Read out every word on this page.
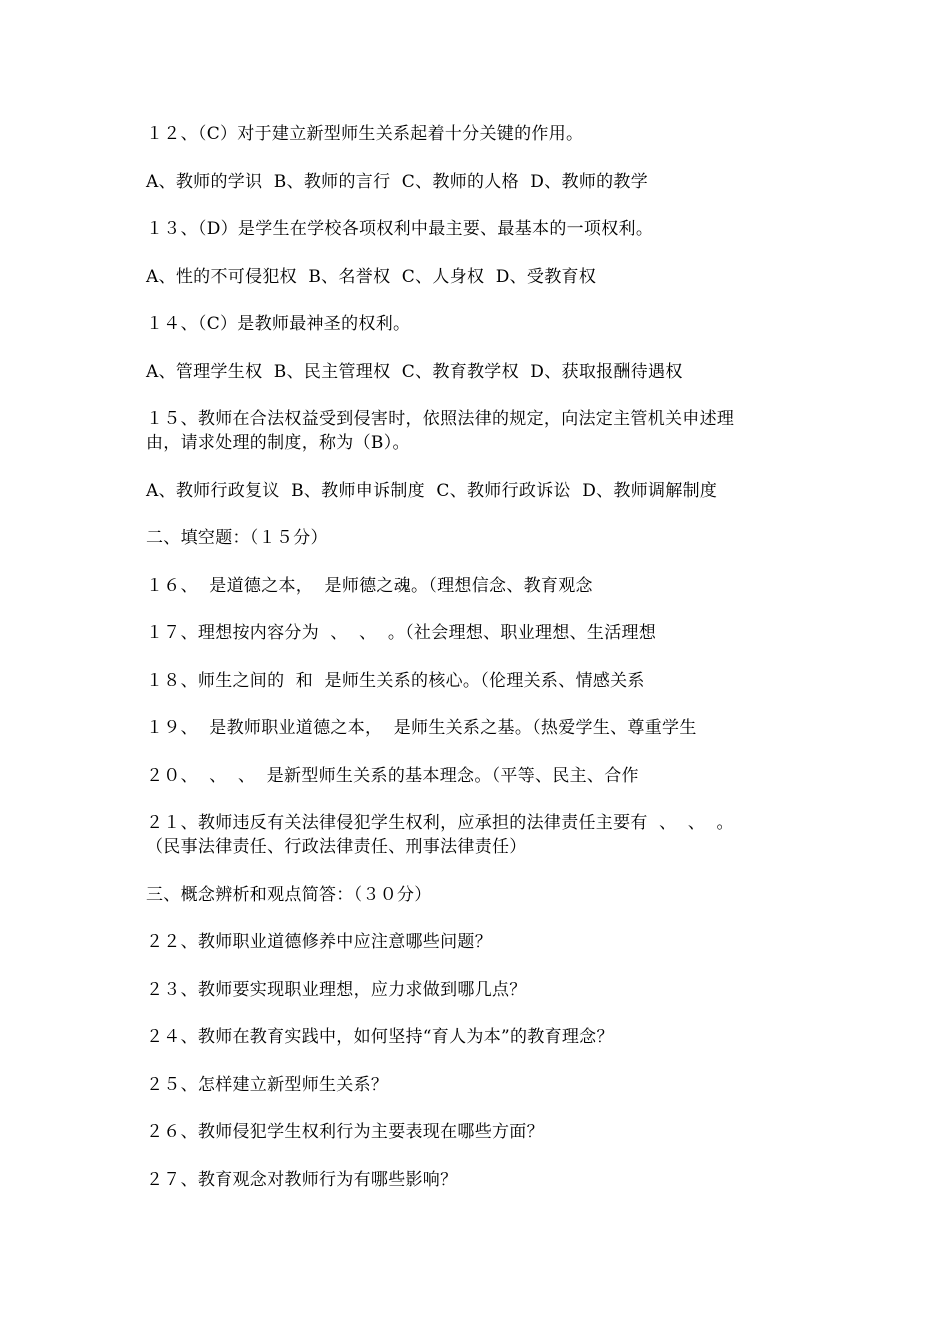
１２、（C）对于建立新型师生关系起着十分关键的作用。

A、教师的学识  B、教师的言行  C、教师的人格  D、教师的教学

１３、（D）是学生在学校各项权利中最主要、最基本的一项权利。

A、性的不可侵犯权  B、名誉权  C、人身权  D、受教育权

１４、（C）是教师最神圣的权利。

A、管理学生权  B、民主管理权  C、教育教学权  D、获取报酬待遇权

１５、教师在合法权益受到侵害时，依照法律的规定，向法定主管机关申述理
由，请求处理的制度，称为（B）。

A、教师行政复议  B、教师申诉制度  C、教师行政诉讼  D、教师调解制度

二、填空题：（１５分）

１６、  是道德之本，  是师德之魂。（理想信念、教育观念

１７、理想按内容分为  、  、  。（社会理想、职业理想、生活理想

１８、师生之间的  和  是师生关系的核心。（伦理关系、情感关系

１９、  是教师职业道德之本，  是师生关系之基。（热爱学生、尊重学生

２０、  、  、  是新型师生关系的基本理念。（平等、民主、合作

２１、教师违反有关法律侵犯学生权利，应承担的法律责任主要有  、  、  。
（民事法律责任、行政法律责任、刑事法律责任）

三、概念辨析和观点简答：（３０分）

２２、教师职业道德修养中应注意哪些问题？

２３、教师要实现职业理想，应力求做到哪几点？

２４、教师在教育实践中，如何坚持“育人为本”的教育理念？

２５、怎样建立新型师生关系？

２６、教师侵犯学生权利行为主要表现在哪些方面？

２７、教育观念对教师行为有哪些影响？
